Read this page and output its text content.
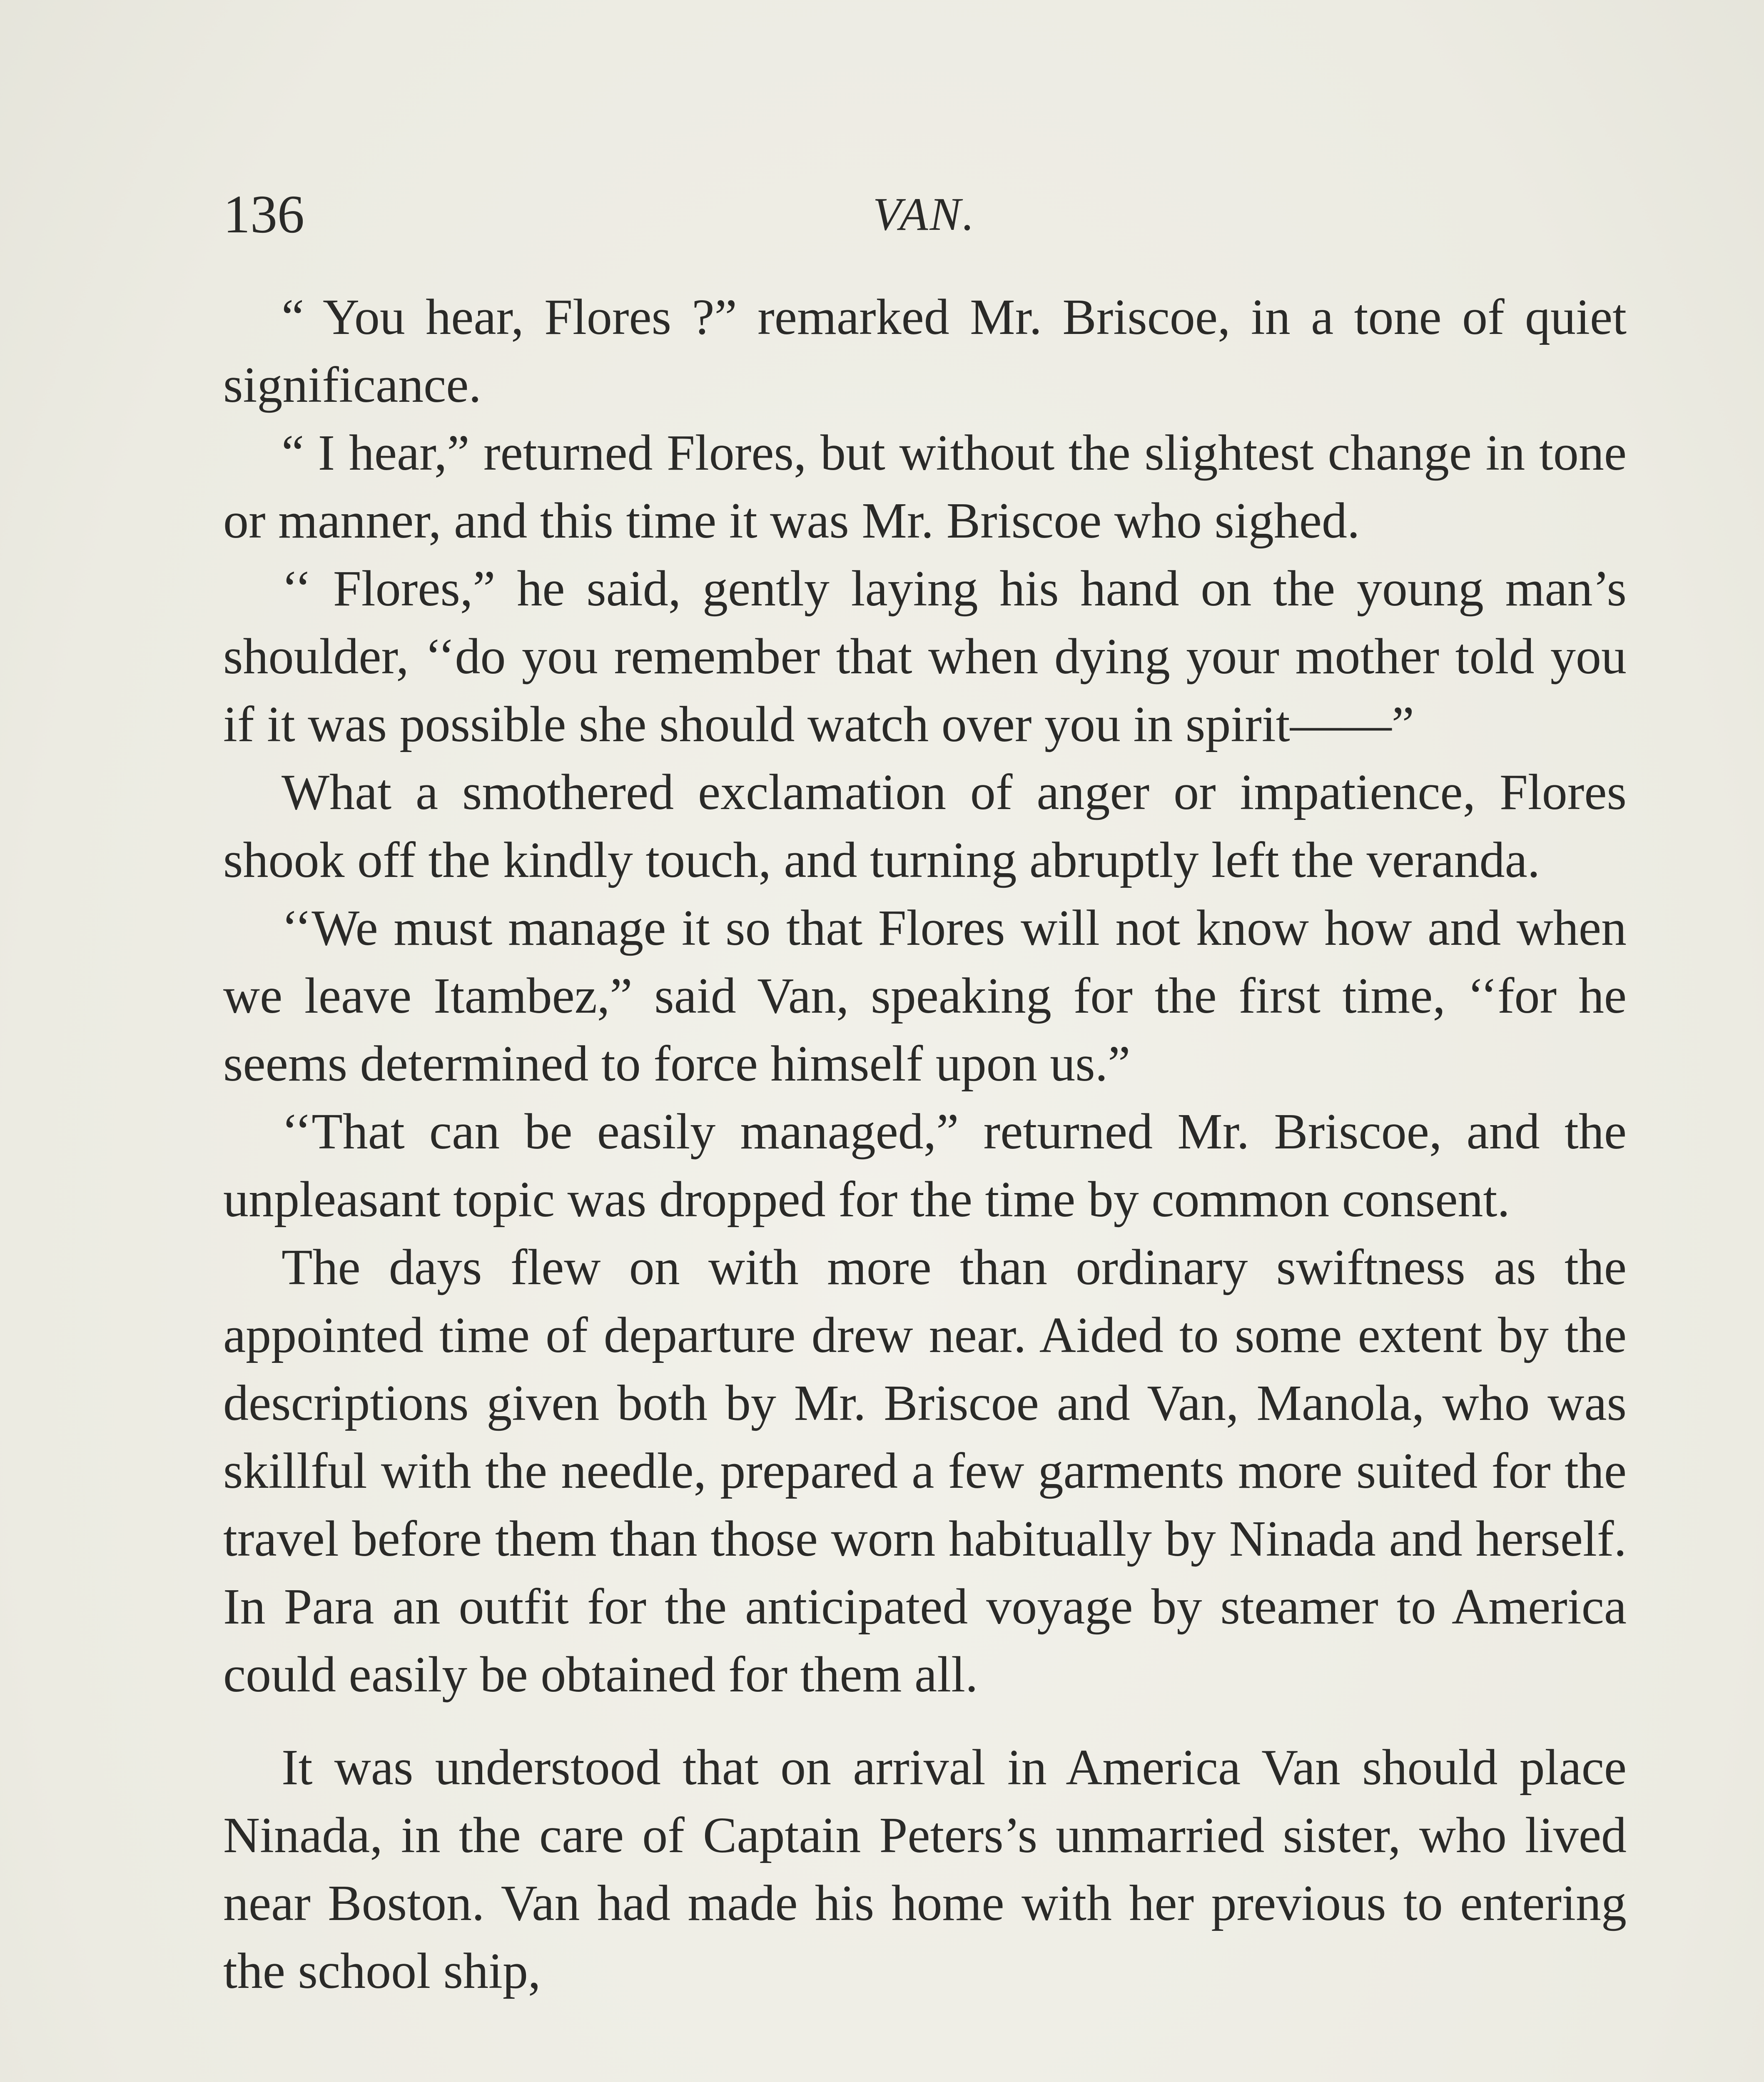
136	VAN.

“ You hear, Flores ?” remarked Mr. Briscoe, in a tone of quiet significance.

“ I hear,” returned Flores, but without the slightest change in tone or manner, and this time it was Mr. Briscoe who sighed.

‘‘ Flores,” he said, gently laying his hand on the young man’s shoulder, ‘‘do you remember that when dying your mother told you if it was possible she should watch over you in spirit——”

What a smothered exclamation of anger or impatience, Flores shook off the kindly touch, and turning abruptly left the veranda.

‘‘We must manage it so that Flores will not know how and when we leave Itambez,” said Van, speaking for the first time, ‘‘for he seems determined to force himself upon us.”

‘‘That can be easily managed,” returned Mr. Briscoe, and the unpleasant topic was dropped for the time by common consent.

The days flew on with more than ordinary swiftness as the appointed time of departure drew near. Aided to some extent by the descriptions given both by Mr. Briscoe and Van, Manola, who was skillful with the needle, prepared a few garments more suited for the travel before them than those worn habitually by Ninada and herself. In Para an outfit for the anticipated voyage by steamer to America could easily be obtained for them all.

It was understood that on arrival in America Van should place Ninada, in the care of Captain Peters’s unmarried sister, who lived near Boston. Van had made his home with her previous to entering the school ship,
